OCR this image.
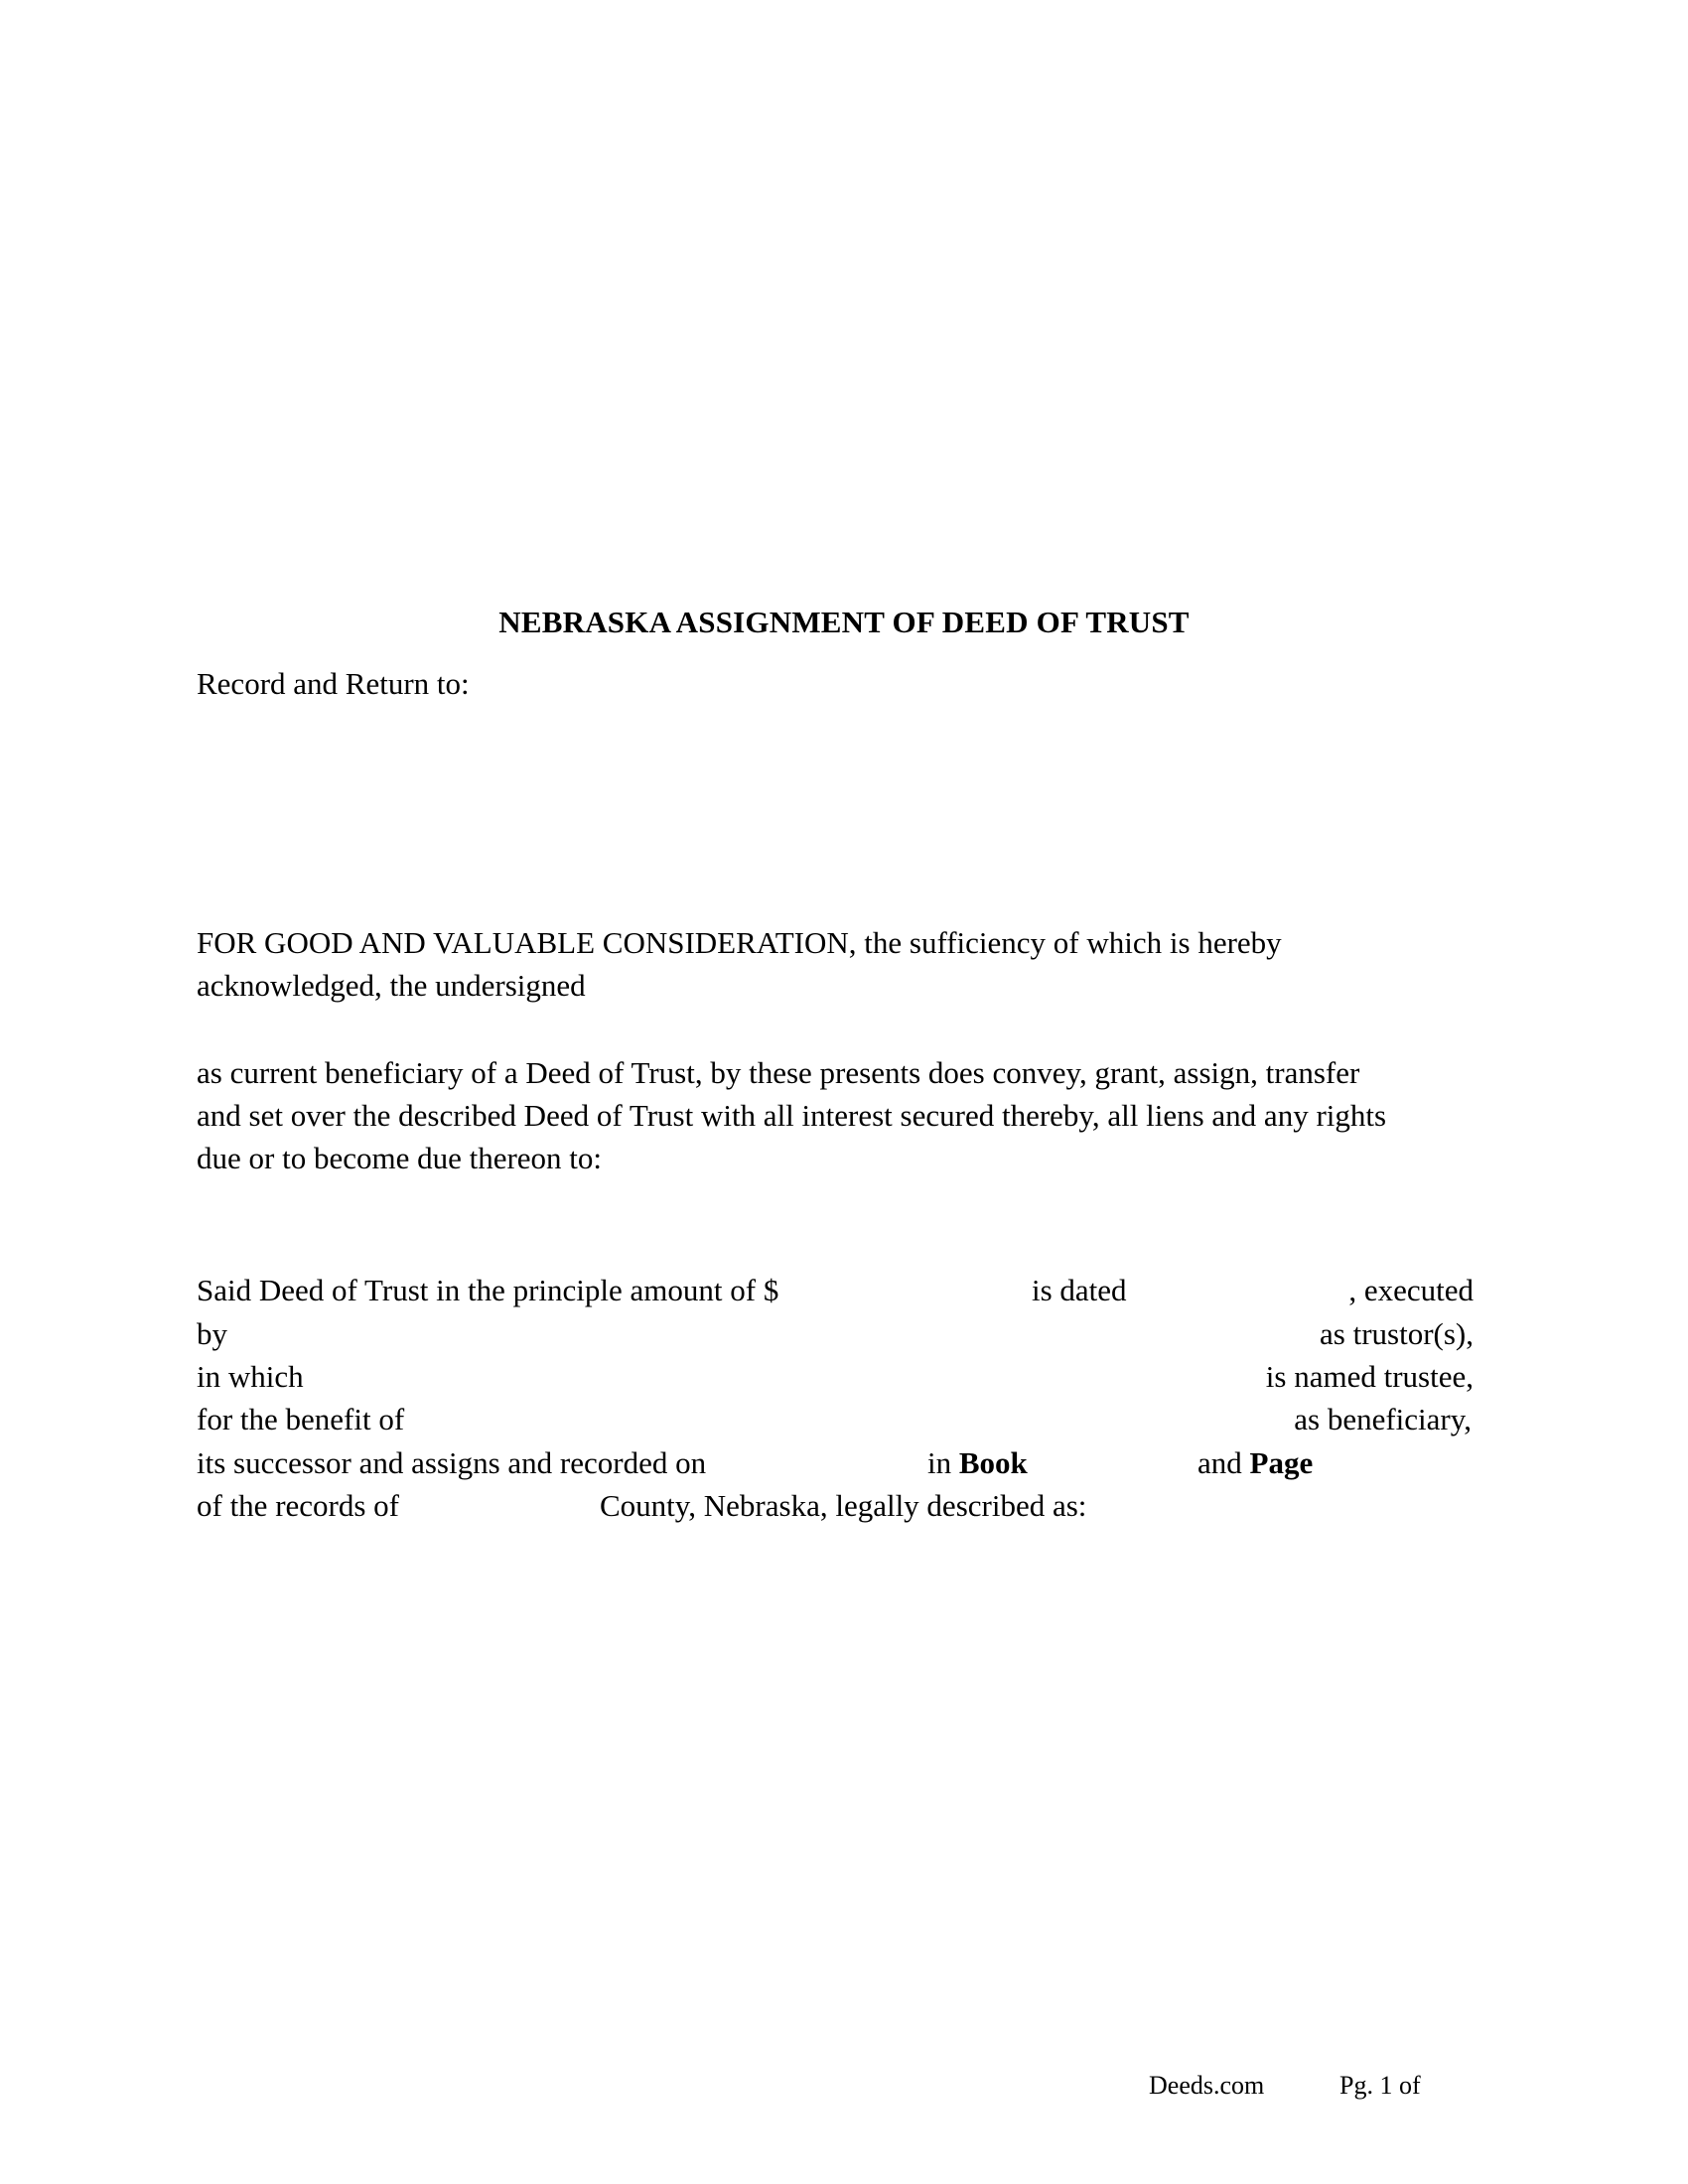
NEBRASKA ASSIGNMENT OF DEED OF TRUST
Record and Return to:
FOR GOOD AND VALUABLE CONSIDERATION, the sufficiency of which is hereby
acknowledged, the undersigned
as current beneficiary of a Deed of Trust, by these presents does convey, grant, assign, transfer
and set over the described Deed of Trust with all interest secured thereby, all liens and any rights
due or to become due thereon to:
Said Deed of Trust in the principle amount of $	is dated	, executed
by	as trustor(s),
in which	is named trustee,
for the benefit of	as beneficiary,
its successor and assigns and recorded on	in Book	and Page
of the records of	County, Nebraska, legally described as:
Deeds.com	Pg. 1 of
